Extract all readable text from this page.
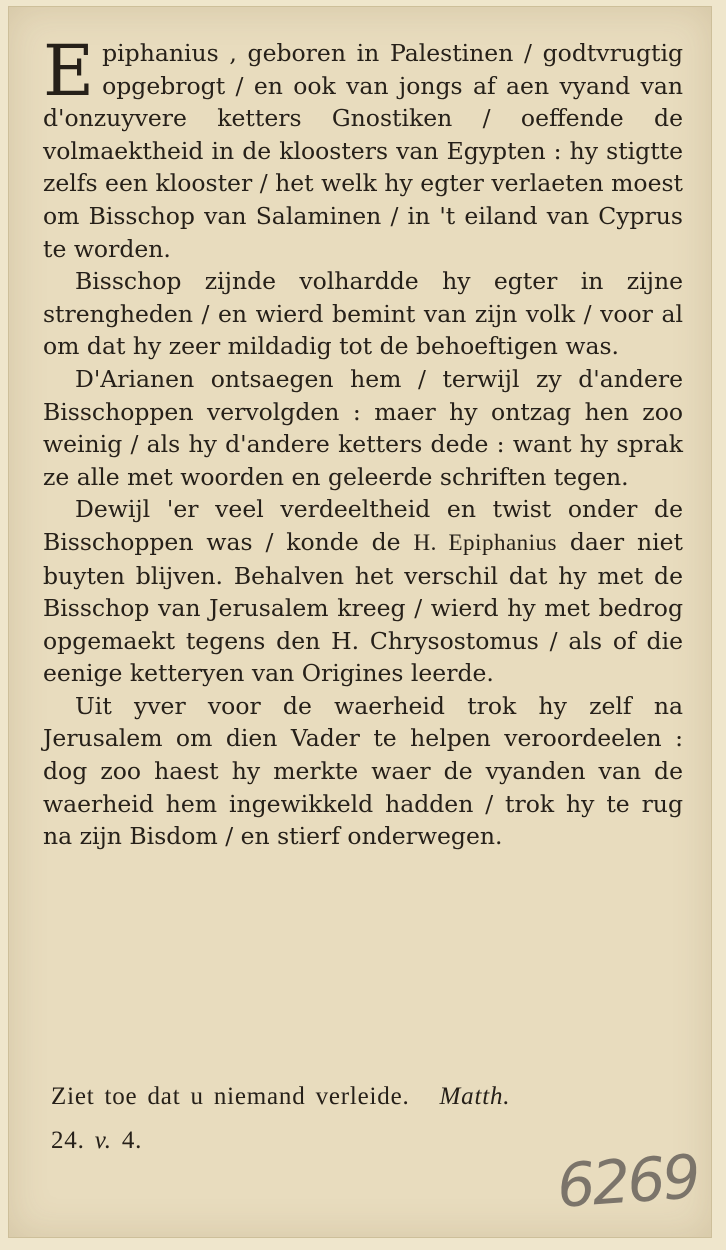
Epiphanius , geboren in Palestinen / godtvrugtig opgebrogt / en ook van jongs af aen vyand van d'onzuyvere ketters Gnostiken / oeffende de volmaektheid in de kloosters van Egypten : hy stigtte zelfs een klooster / het welk hy egter verlaeten moest om Bisschop van Salaminen / in 't eiland van Cyprus te worden.

Bisschop zijnde volhardde hy egter in zijne strengheden / en wierd bemint van zijn volk / voor al om dat hy zeer mildadig tot de behoeftigen was.

D'Arianen ontsaegen hem / terwijl zy d'andere Bisschoppen vervolgden : maer hy ontzag hen zoo weinig / als hy d'andere ketters dede : want hy sprak ze alle met woorden en geleerde schriften tegen.

Dewijl 'er veel verdeeltheid en twist onder de Bisschoppen was / konde de H. Epiphanius daer niet buyten blijven. Behalven het verschil dat hy met de Bisschop van Jerusalem kreeg / wierd hy met bedrog opgemaekt tegens den H. Chrysostomus / als of die eenige ketteryen van Origines leerde.

Uit yver voor de waerheid trok hy zelf na Jerusalem om dien Vader te helpen veroordeelen : dog zoo haest hy merkte waer de vyanden van de waerheid hem ingewikkeld hadden / trok hy te rug na zijn Bisdom / en stierf onderwegen.

Ziet toe dat u niemand verleide. Matth.
24. v. 4.
6269
